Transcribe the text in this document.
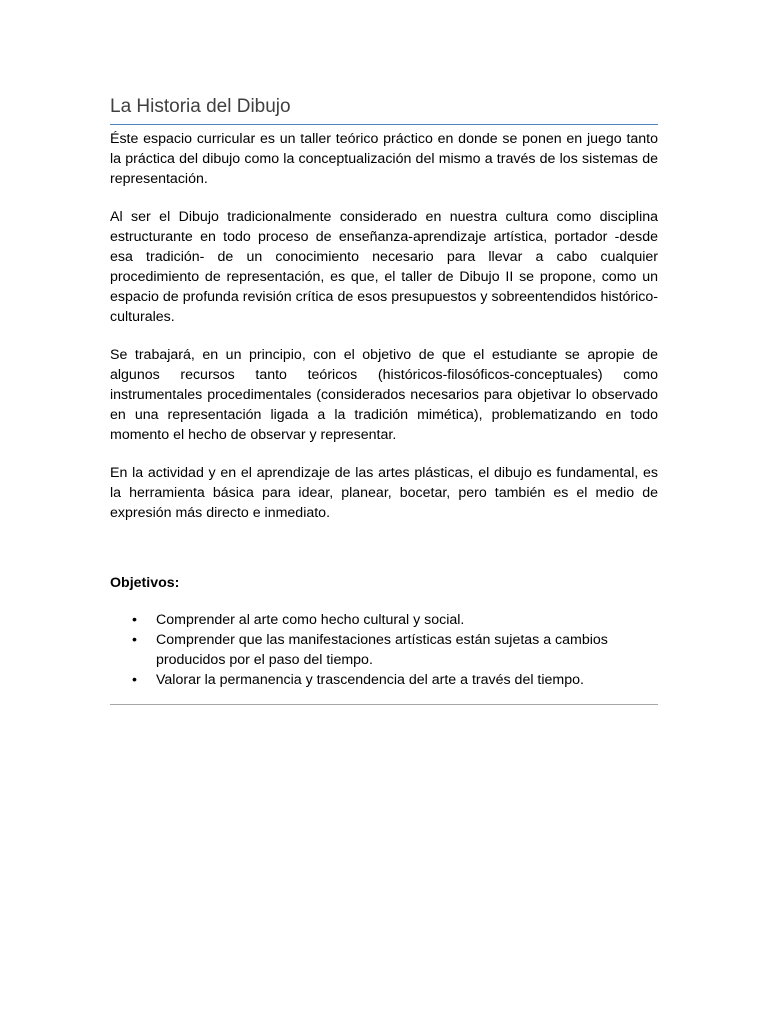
La Historia del Dibujo

Éste espacio curricular es un taller teórico práctico en donde se ponen en juego tanto la práctica del dibujo como la conceptualización del mismo a través de los sistemas de representación.

Al ser el Dibujo tradicionalmente considerado en nuestra cultura como disciplina estructurante en todo proceso de enseñanza-aprendizaje artística, portador -desde esa tradición- de un conocimiento necesario para llevar a cabo cualquier procedimiento de representación, es que, el taller de Dibujo II se propone, como un espacio de profunda revisión crítica de esos presupuestos y sobreentendidos histórico-culturales.

Se trabajará, en un principio, con el objetivo de que el estudiante se apropie de algunos recursos tanto teóricos (históricos-filosóficos-conceptuales) como instrumentales procedimentales (considerados necesarios para objetivar lo observado en una representación ligada a la tradición mimética), problematizando en todo momento el hecho de observar y representar.

En la actividad y en el aprendizaje de las artes plásticas, el dibujo es fundamental, es la herramienta básica para idear, planear, bocetar, pero también es el medio de expresión más directo e inmediato.

Objetivos:
• Comprender al arte como hecho cultural y social.
• Comprender que las manifestaciones artísticas están sujetas a cambios producidos por el paso del tiempo.
• Valorar la permanencia y trascendencia del arte a través del tiempo.
